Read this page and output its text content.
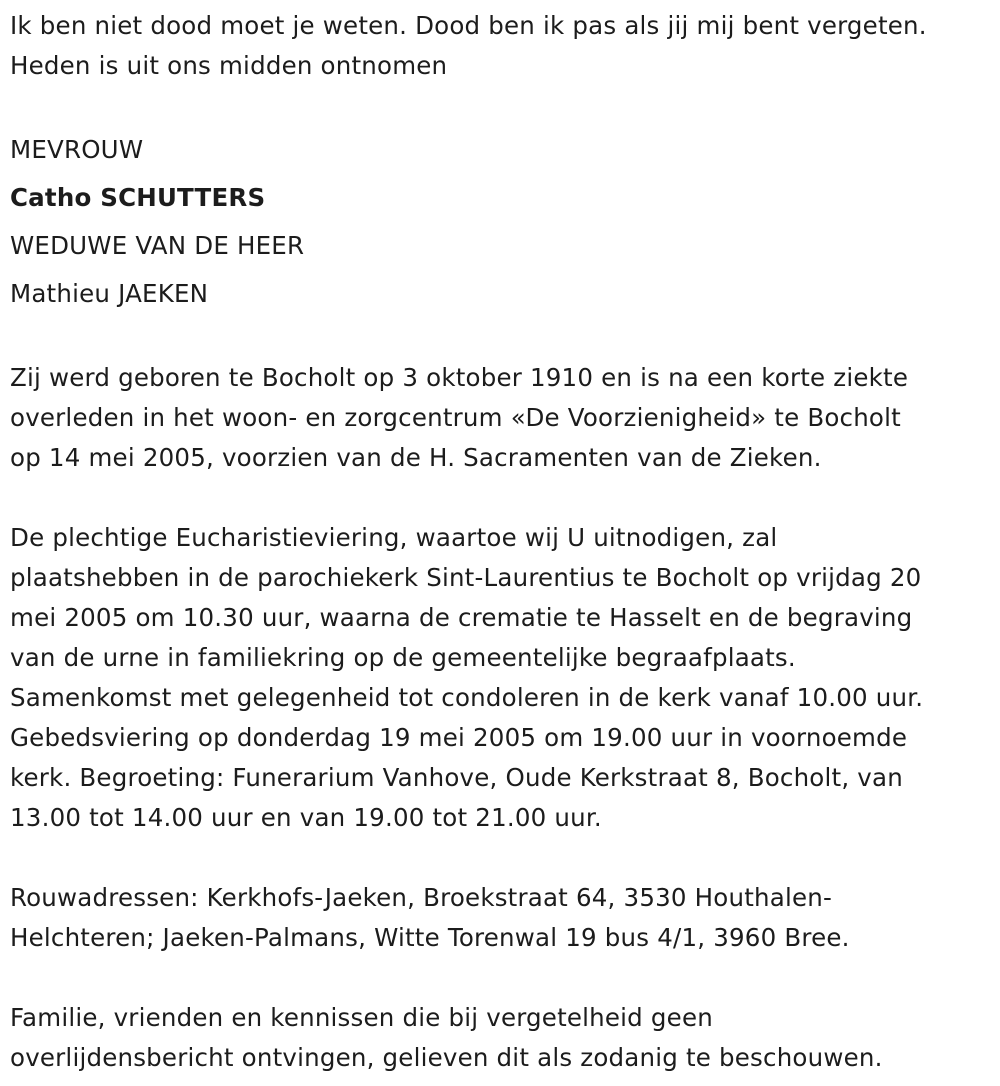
Ik ben niet dood moet je weten. Dood ben ik pas als jij mij bent vergeten.
Heden is uit ons midden ontnomen

MEVROUW

Catho SCHUTTERS

WEDUWE VAN DE HEER

Mathieu JAEKEN

Zij werd geboren te Bocholt op 3 oktober 1910 en is na een korte ziekte
overleden in het woon- en zorgcentrum «De Voorzienigheid» te Bocholt
op 14 mei 2005, voorzien van de H. Sacramenten van de Zieken.

De plechtige Eucharistieviering, waartoe wij U uitnodigen, zal
plaatshebben in de parochiekerk Sint-Laurentius te Bocholt op vrijdag 20
mei 2005 om 10.30 uur, waarna de crematie te Hasselt en de begraving
van de urne in familiekring op de gemeentelijke begraafplaats.
Samenkomst met gelegenheid tot condoleren in de kerk vanaf 10.00 uur.
Gebedsviering op donderdag 19 mei 2005 om 19.00 uur in voornoemde
kerk. Begroeting: Funerarium Vanhove, Oude Kerkstraat 8, Bocholt, van
13.00 tot 14.00 uur en van 19.00 tot 21.00 uur.

Rouwadressen: Kerkhofs-Jaeken, Broekstraat 64, 3530 Houthalen-
Helchteren; Jaeken-Palmans, Witte Torenwal 19 bus 4/1, 3960 Bree.

Familie, vrienden en kennissen die bij vergetelheid geen
overlijdensbericht ontvingen, gelieven dit als zodanig te beschouwen.
